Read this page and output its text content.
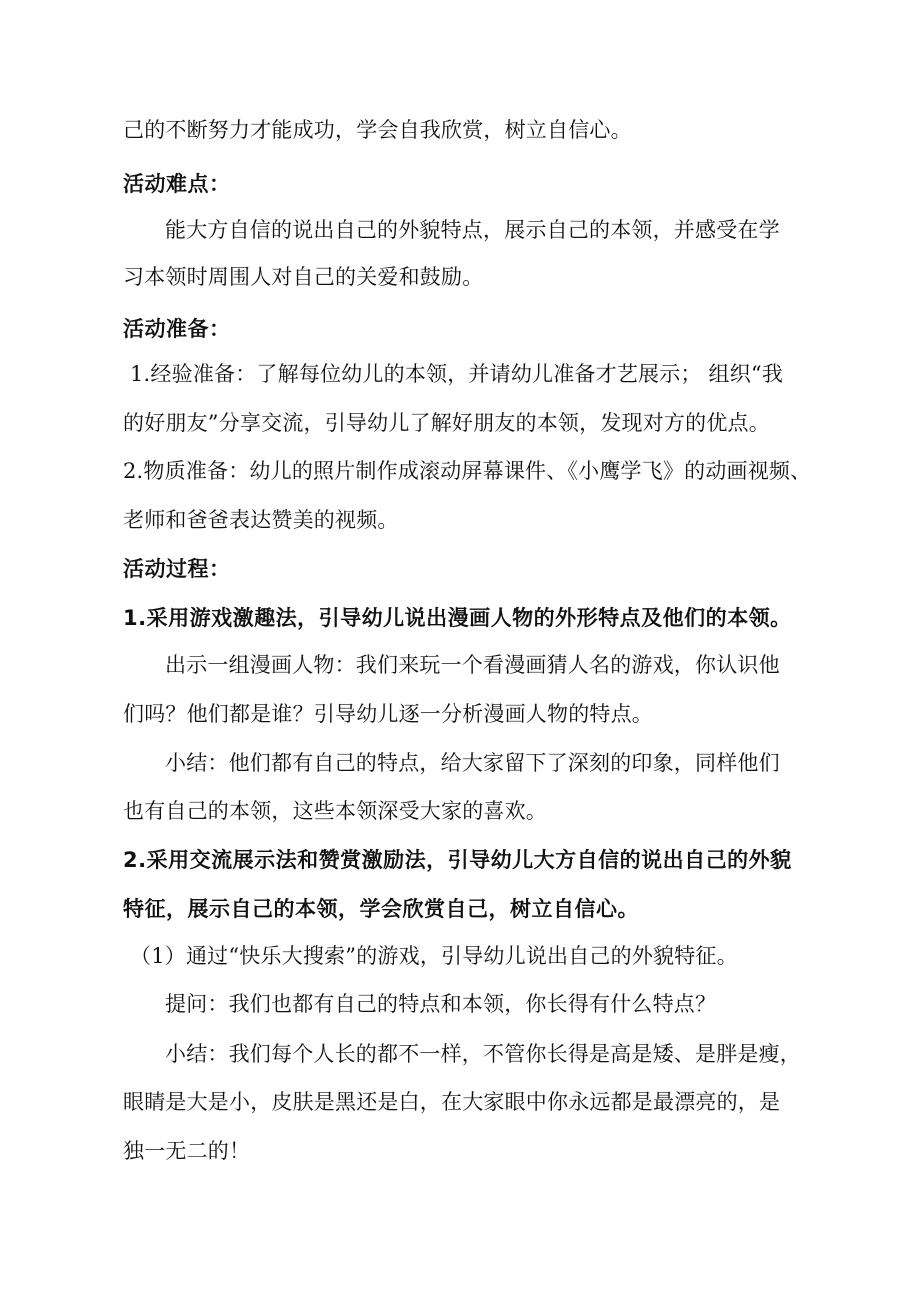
己的不断努力才能成功，学会自我欣赏，树立自信心。
活动难点：
能大方自信的说出自己的外貌特点，展示自己的本领，并感受在学
习本领时周围人对自己的关爱和鼓励。
活动准备：
1.经验准备：了解每位幼儿的本领，并请幼儿准备才艺展示； 组织“我
的好朋友”分享交流，引导幼儿了解好朋友的本领，发现对方的优点。
2.物质准备：幼儿的照片制作成滚动屏幕课件、《小鹰学飞》的动画视频、
老师和爸爸表达赞美的视频。
活动过程：
1.采用游戏激趣法，引导幼儿说出漫画人物的外形特点及他们的本领。
出示一组漫画人物：我们来玩一个看漫画猜人名的游戏，你认识他
们吗？他们都是谁？引导幼儿逐一分析漫画人物的特点。
小结：他们都有自己的特点，给大家留下了深刻的印象，同样他们
也有自己的本领，这些本领深受大家的喜欢。
2.采用交流展示法和赞赏激励法，引导幼儿大方自信的说出自己的外貌
特征，展示自己的本领，学会欣赏自己，树立自信心。
（1）通过“快乐大搜索”的游戏，引导幼儿说出自己的外貌特征。
提问：我们也都有自己的特点和本领，你长得有什么特点？
小结：我们每个人长的都不一样，不管你长得是高是矮、是胖是瘦，
眼睛是大是小，皮肤是黑还是白，在大家眼中你永远都是最漂亮的，是
独一无二的！
